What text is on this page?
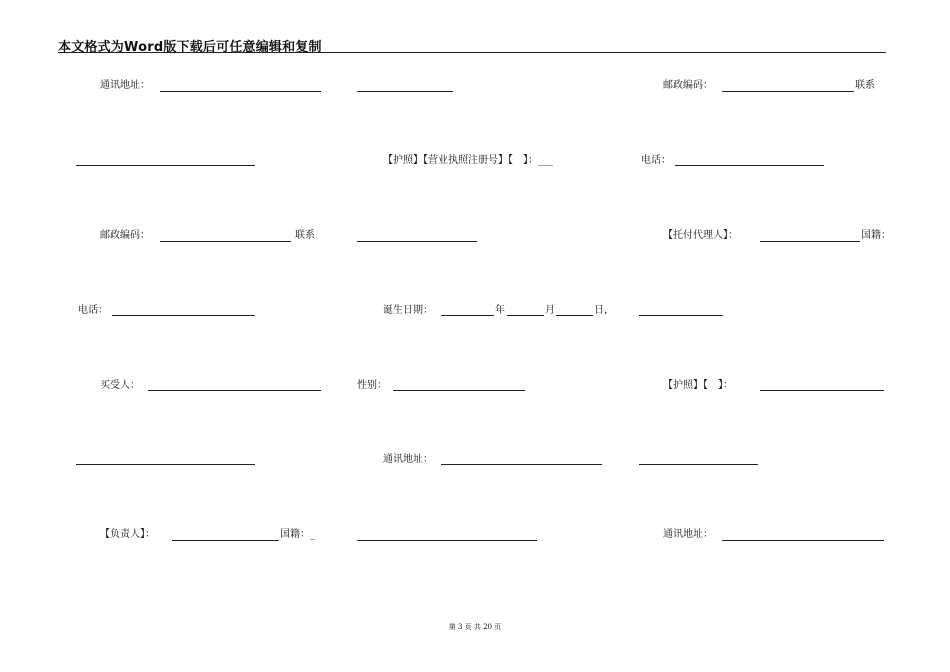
本文格式为Word版下载后可任意编辑和复制
通讯地址：	邮政编码：	联系
【护照】【营业执照注册号】【　】：___	电话：
邮政编码：	联系	【托付代理人】：	国籍：
电话：	诞生日期：	年	月	日，
买受人：	性别：	【护照】【　】：
通讯地址：
【负责人】：	国籍：_	通讯地址：
第 3 页 共 20 页
